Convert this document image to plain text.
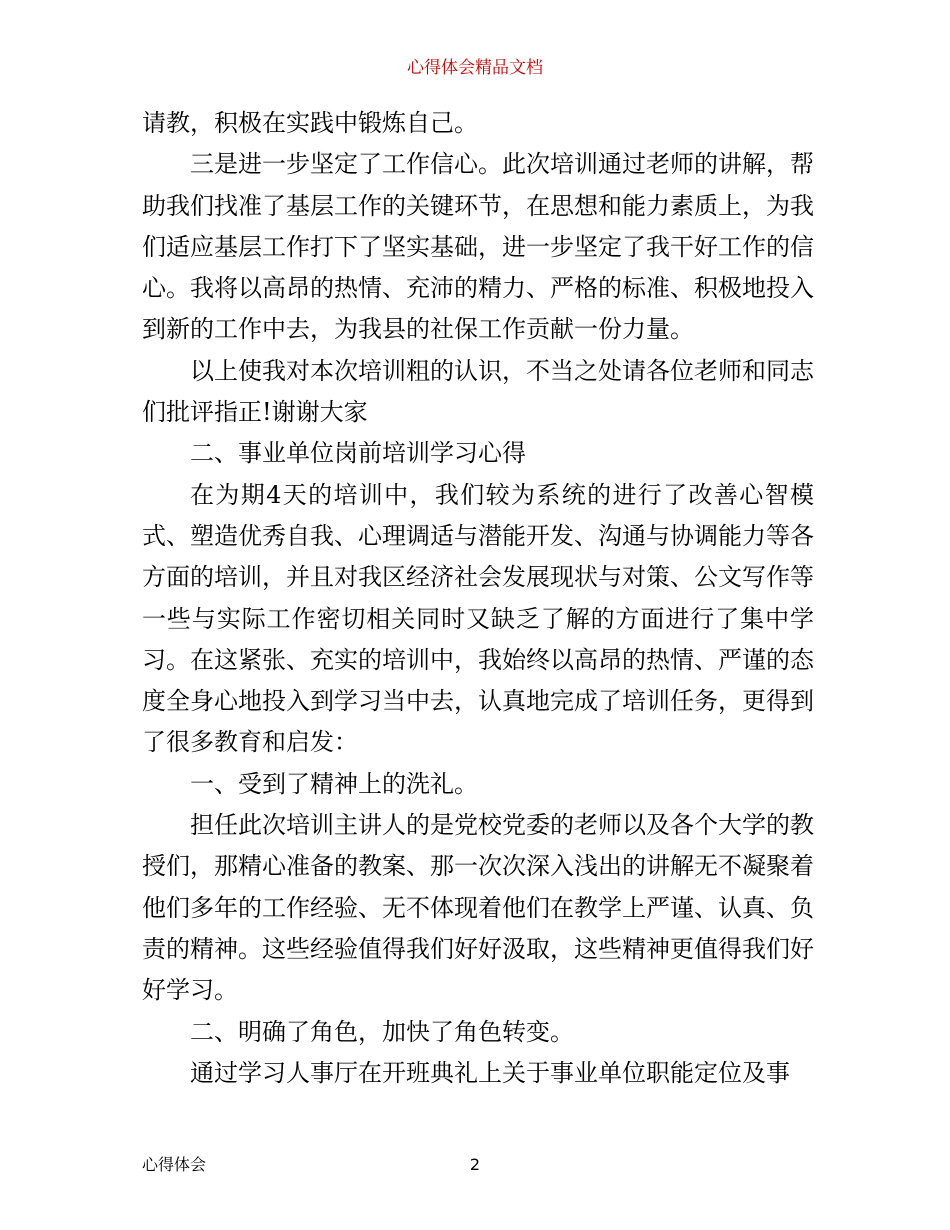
心得体会精品文档

请教，积极在实践中锻炼自己。

三是进一步坚定了工作信心。此次培训通过老师的讲解，帮助我们找准了基层工作的关键环节，在思想和能力素质上，为我们适应基层工作打下了坚实基础，进一步坚定了我干好工作的信心。我将以高昂的热情、充沛的精力、严格的标准、积极地投入到新的工作中去，为我县的社保工作贡献一份力量。

以上使我对本次培训粗的认识，不当之处请各位老师和同志们批评指正!谢谢大家

二、事业单位岗前培训学习心得

在为期4天的培训中，我们较为系统的进行了改善心智模式、塑造优秀自我、心理调适与潜能开发、沟通与协调能力等各方面的培训，并且对我区经济社会发展现状与对策、公文写作等一些与实际工作密切相关同时又缺乏了解的方面进行了集中学习。在这紧张、充实的培训中，我始终以高昂的热情、严谨的态度全身心地投入到学习当中去，认真地完成了培训任务，更得到了很多教育和启发：

一、受到了精神上的洗礼。

担任此次培训主讲人的是党校党委的老师以及各个大学的教授们，那精心准备的教案、那一次次深入浅出的讲解无不凝聚着他们多年的工作经验、无不体现着他们在教学上严谨、认真、负责的精神。这些经验值得我们好好汲取，这些精神更值得我们好好学习。

二、明确了角色，加快了角色转变。

通过学习人事厅在开班典礼上关于事业单位职能定位及事

心得体会	2
